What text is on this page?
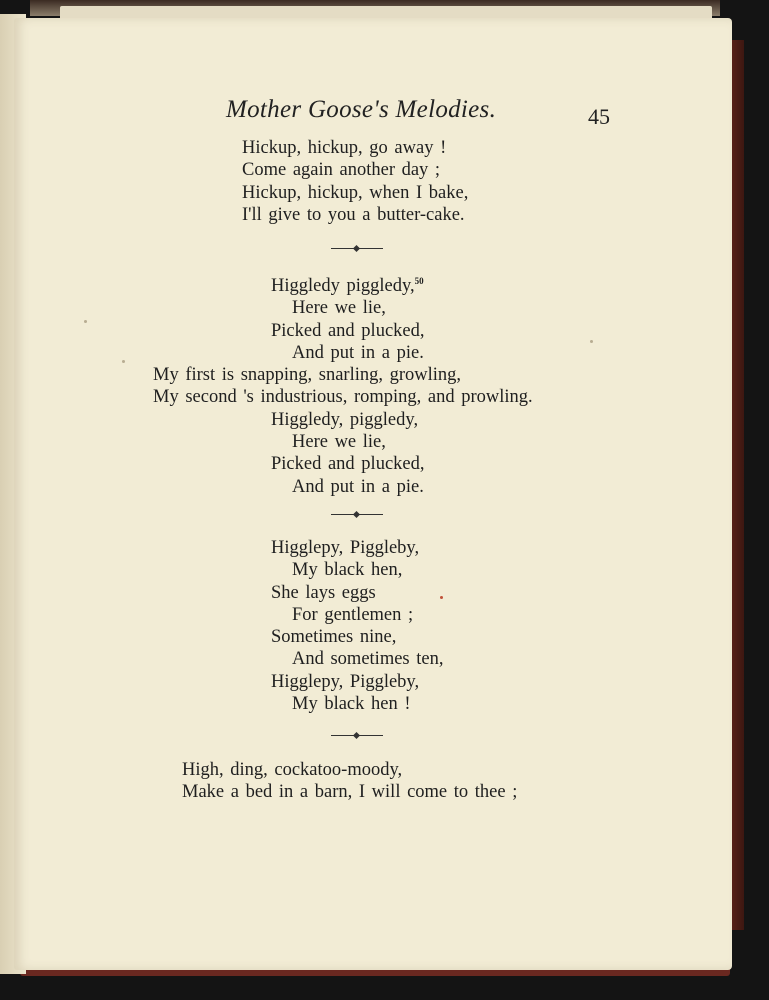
Mother Goose's Melodies.	45
Hickup, hickup, go away !
Come again another day ;
Hickup, hickup, when I bake,
I'll give to you a butter-cake.
Higgledy piggledy,$^{50}$
Here we lie,
Picked and plucked,
And put in a pie.
My first is snapping, snarling, growling,
My second 's industrious, romping, and prowling.
Higgledy, piggledy,
Here we lie,
Picked and plucked,
And put in a pie.
Higglepy, Piggleby,
My black hen,
She lays eggs
For gentlemen ;
Sometimes nine,
And sometimes ten,
Higglepy, Piggleby,
My black hen !
High, ding, cockatoo-moody,
Make a bed in a barn, I will come to thee ;
